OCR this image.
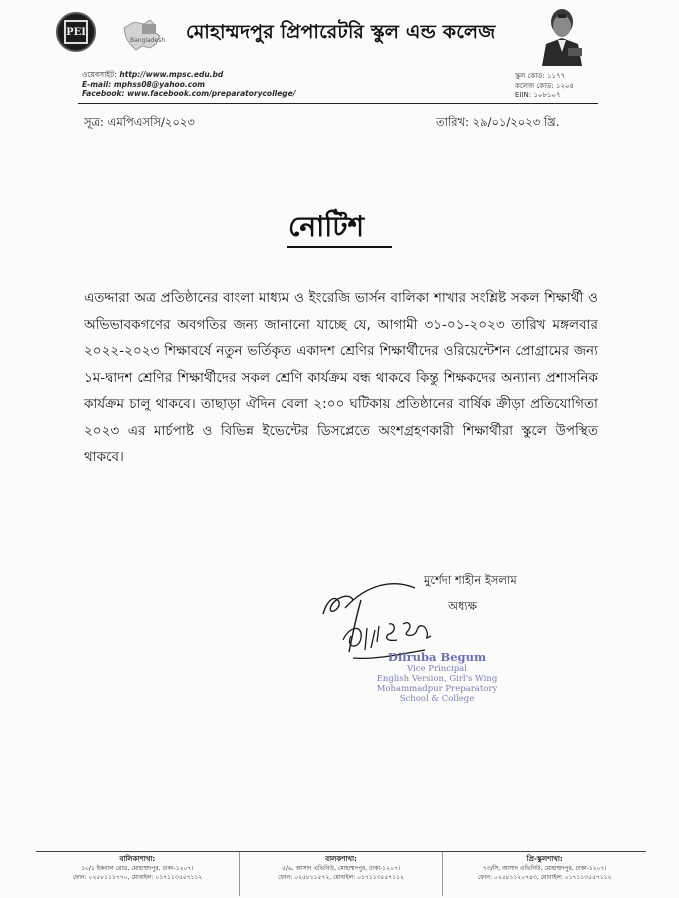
PEI
Bangladesh মোহাম্মদপুর প্রিপারেটরি স্কুল এন্ড কলেজ
ওয়েবসাইট: http://www.mpsc.edu.bd
E-mail: mphss08@yahoo.com
Facebook: www.facebook.com/preparatorycollege/
স্কুল কোড: ১১৭৭
কলেজ কোড: ১২০৪
EIIN: ১০৮১০৭
সূত্র: এমপিএসসি/২০২৩	তারিখ: ২৯/০১/২০২৩ খ্রি.
নোটিশ
এতদ্দারা অত্র প্রতিষ্ঠানের বাংলা মাধ্যম ও ইংরেজি ভার্সন বালিকা শাখার সংশ্লিষ্ট সকল শিক্ষার্থী ও অভিভাবকগণের অবগতির জন্য জানানো যাচ্ছে যে, আগামী ৩১-০১-২০২৩ তারিখ মঙ্গলবার ২০২২-২০২৩ শিক্ষাবর্ষে নতুন ভর্তিকৃত একাদশ শ্রেণির শিক্ষার্থীদের ওরিয়েন্টেশন প্রোগ্রামের জন্য ১ম-দ্বাদশ শ্রেণির শিক্ষার্থীদের সকল শ্রেণি কার্যক্রম বন্ধ থাকবে কিন্তু শিক্ষকদের অন্যান্য প্রশাসনিক কার্যক্রম চালু থাকবে। তাছাড়া ঐদিন বেলা ২:০০ ঘটিকায় প্রতিষ্ঠানের বার্ষিক ক্রীড়া প্রতিযোগিতা ২০২৩ এর মার্চপাষ্ট ও বিভিন্ন ইভেন্টের ডিসপ্লেতে অংশগ্রহণকারী শিক্ষার্থীরা স্কুলে উপস্থিত থাকবে।
মুর্শেদা শাহীন ইসলাম
অধ্যক্ষ
Dilruba Begum
Vice Principal
English Version, Girl's Wing
Mohammadpur Preparatory
School & College
বালিকাশাখা:
১০/১ ইকবাল রোড, মোহাম্মদপুর, ঢাকা-১২০৭।
ফোন: ০২৫৮১১১৭৭০, মোবাইল: ০১৭১১৩৫৫৭১১২
বালকশাখা:
৫/৬, আসাদ এভিনিউ, মোহাম্মদপুর, ঢাকা-১২০৭।
ফোন: ০২৫৮১১৫৭২, মোবাইল: ০১৭১১৩৫৫৭১১২
প্রি-স্কুলশাখা:
৭৩/সি, আসাদ এভিনিউ, মোহাম্মদপুর, ঢাকা-১২০৭।
ফোন: ০২৫৮১১২০৭৪৩, মোবাইল: ০১৭১১৩৫৫৭১১২
